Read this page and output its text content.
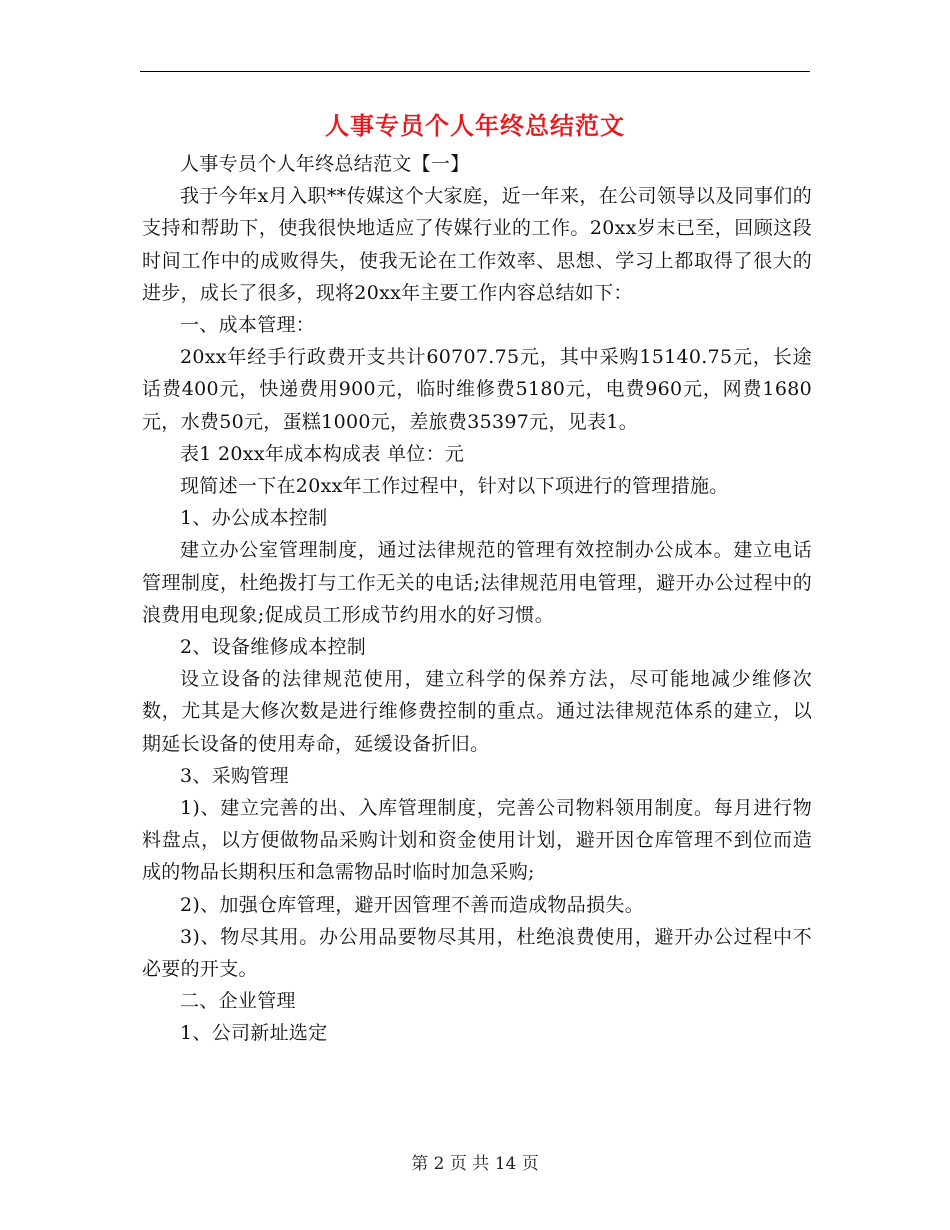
人事专员个人年终总结范文

人事专员个人年终总结范文【一】

我于今年x月入职**传媒这个大家庭，近一年来，在公司领导以及同事们的支持和帮助下，使我很快地适应了传媒行业的工作。20xx岁末已至，回顾这段时间工作中的成败得失，使我无论在工作效率、思想、学习上都取得了很大的进步，成长了很多，现将20xx年主要工作内容总结如下：

一、成本管理：

20xx年经手行政费开支共计60707.75元，其中采购15140.75元，长途话费400元，快递费用900元，临时维修费5180元，电费960元，网费1680元，水费50元，蛋糕1000元，差旅费35397元，见表1。

表1 20xx年成本构成表 单位：元

现简述一下在20xx年工作过程中，针对以下项进行的管理措施。

1、办公成本控制

建立办公室管理制度，通过法律规范的管理有效控制办公成本。建立电话管理制度，杜绝拨打与工作无关的电话;法律规范用电管理，避开办公过程中的浪费用电现象;促成员工形成节约用水的好习惯。

2、设备维修成本控制

设立设备的法律规范使用，建立科学的保养方法，尽可能地减少维修次数，尤其是大修次数是进行维修费控制的重点。通过法律规范体系的建立，以期延长设备的使用寿命，延缓设备折旧。

3、采购管理

1)、建立完善的出、入库管理制度，完善公司物料领用制度。每月进行物料盘点，以方便做物品采购计划和资金使用计划，避开因仓库管理不到位而造成的物品长期积压和急需物品时临时加急采购;

2)、加强仓库管理，避开因管理不善而造成物品损失。

3)、物尽其用。办公用品要物尽其用，杜绝浪费使用，避开办公过程中不必要的开支。

二、企业管理

1、公司新址选定

第 2 页 共 14 页
